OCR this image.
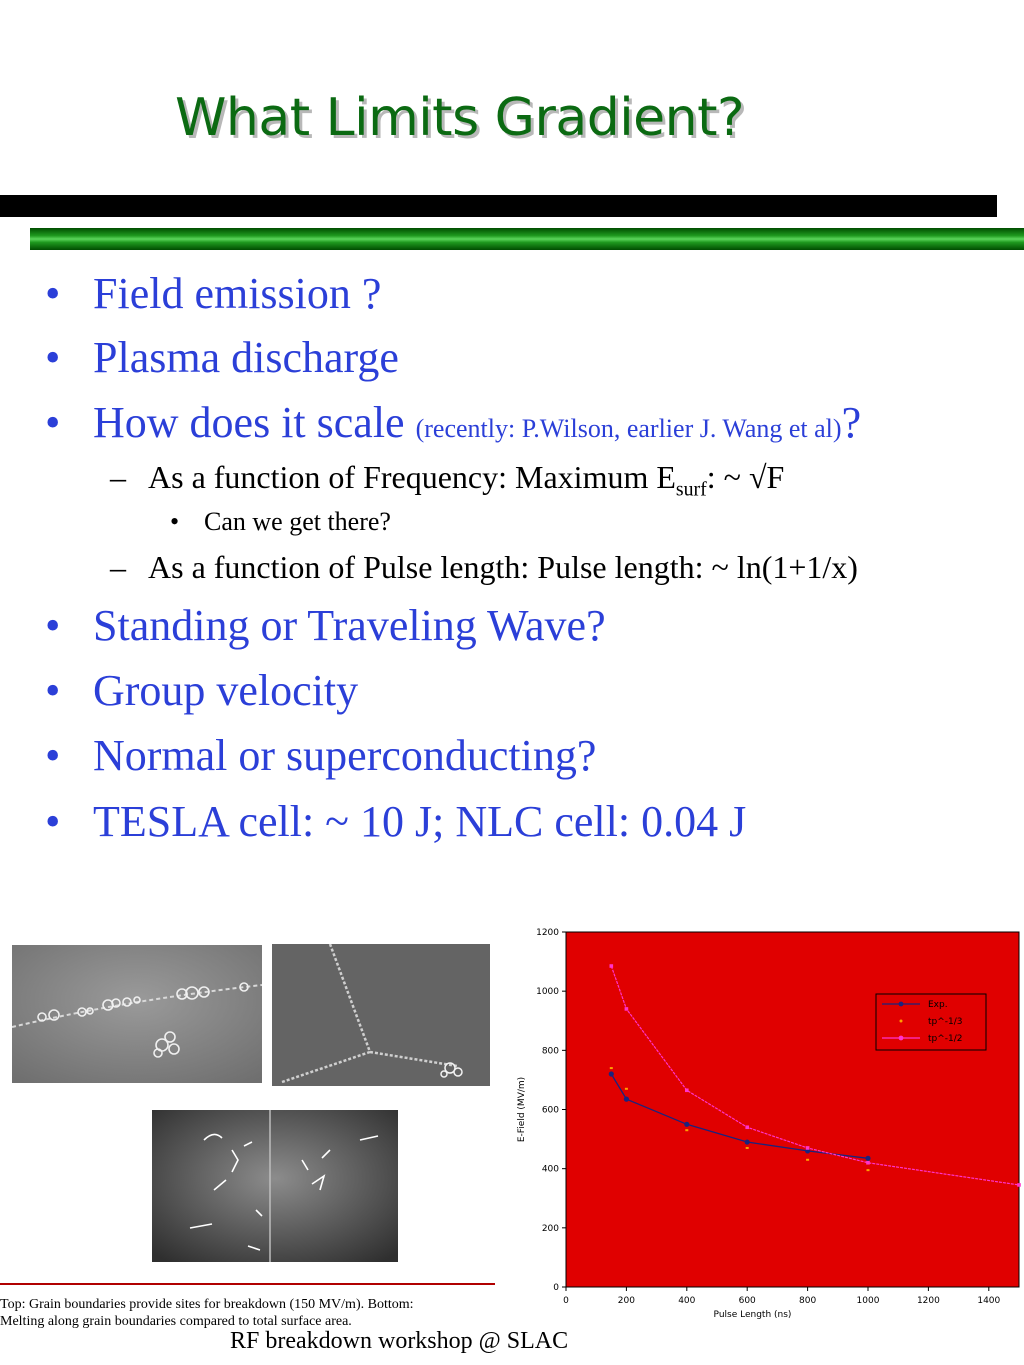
What Limits Gradient?
• Field emission ?
• Plasma discharge
• How does it scale (recently: P.Wilson, earlier J. Wang et al)?
– As a function of Frequency: Maximum $E_{surf}$: ~ √F
• Can we get there?
– As a function of Pulse length: Pulse length: ~ ln(1+1/x)
• Standing or Traveling Wave?
• Group velocity
• Normal or superconducting?
• TESLA cell: ~ 10 J; NLC cell: 0.04 J
Top: Grain boundaries provide sites for breakdown (150 MV/m). Bottom:
Melting along grain boundaries compared to total surface area.
0
200
400
600
800
1000
1200
0	200	400	600	800	1000	1200	1400
Pulse Length (ns)
E-Field (MV/m)
Exp.
tp^-1/3
tp^-1/2
RF breakdown workshop @ SLAC
